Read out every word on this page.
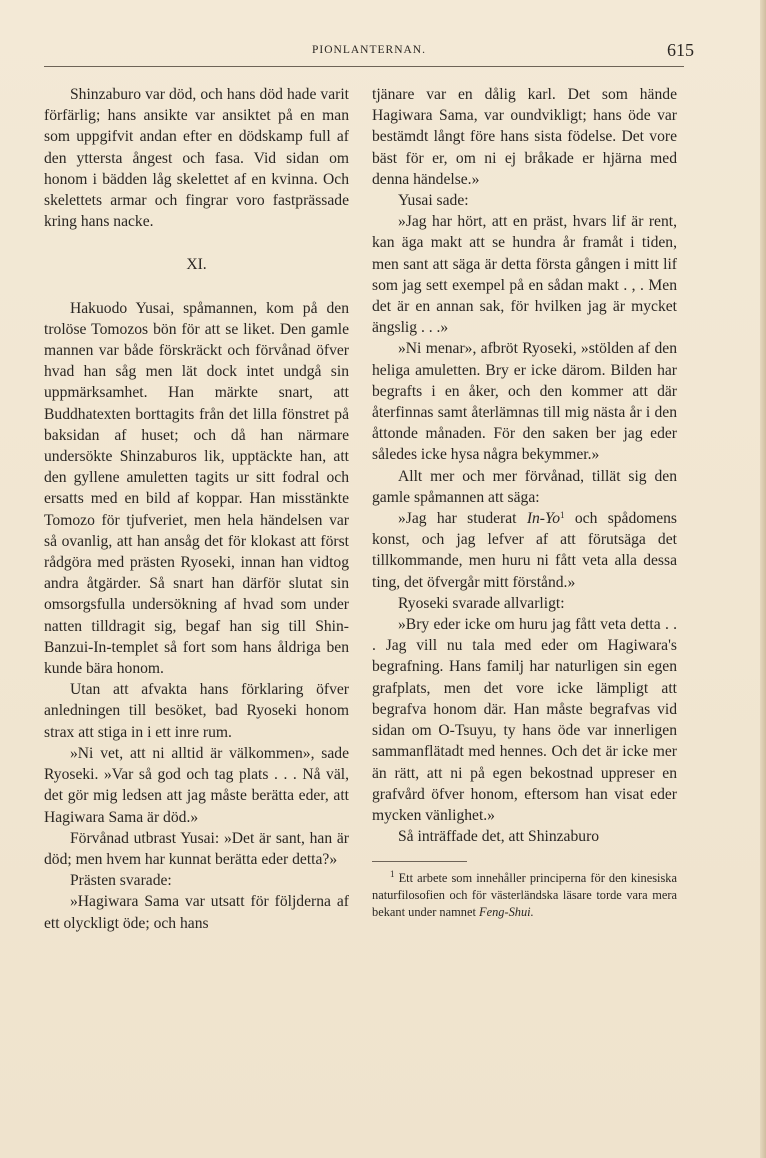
PIONLANTERNAN.	615

Shinzaburo var död, och hans död hade varit förfärlig; hans ansikte var ansiktet på en man som uppgifvit andan efter en dödskamp full af den yttersta ångest och fasa. Vid sidan om honom i bädden låg skelettet af en kvinna. Och skelettets armar och fingrar voro fastprässade kring hans nacke.

XI.

Hakuodo Yusai, spåmannen, kom på den trolöse Tomozos bön för att se liket. Den gamle mannen var både förskräckt och förvånad öfver hvad han såg men lät dock intet undgå sin uppmärksamhet. Han märkte snart, att Buddhatexten borttagits från det lilla fönstret på baksidan af huset; och då han närmare undersökte Shinzaburos lik, upptäckte han, att den gyllene amuletten tagits ur sitt fodral och ersatts med en bild af koppar. Han misstänkte Tomozo för tjufveriet, men hela händelsen var så ovanlig, att han ansåg det för klokast att först rådgöra med prästen Ryoseki, innan han vidtog andra åtgärder. Så snart han därför slutat sin omsorgsfulla undersökning af hvad som under natten tilldragit sig, begaf han sig till Shin-Banzui-In-templet så fort som hans åldriga ben kunde bära honom.

Utan att afvakta hans förklaring öfver anledningen till besöket, bad Ryoseki honom strax att stiga in i ett inre rum.

»Ni vet, att ni alltid är välkommen», sade Ryoseki. »Var så god och tag plats . . . Nå väl, det gör mig ledsen att jag måste berätta eder, att Hagiwara Sama är död.»

Förvånad utbrast Yusai: »Det är sant, han är död; men hvem har kunnat berätta eder detta?»

Prästen svarade:

»Hagiwara Sama var utsatt för följderna af ett olyckligt öde; och hans

tjänare var en dålig karl. Det som hände Hagiwara Sama, var oundvikligt; hans öde var bestämdt långt före hans sista födelse. Det vore bäst för er, om ni ej bråkade er hjärna med denna händelse.»

Yusai sade:

»Jag har hört, att en präst, hvars lif är rent, kan äga makt att se hundra år framåt i tiden, men sant att säga är detta första gången i mitt lif som jag sett exempel på en sådan makt . , . Men det är en annan sak, för hvilken jag är mycket ängslig . . .»

»Ni menar», afbröt Ryoseki, »stölden af den heliga amuletten. Bry er icke därom. Bilden har begrafts i en åker, och den kommer att där återfinnas samt återlämnas till mig nästa år i den åttonde månaden. För den saken ber jag eder således icke hysa några bekymmer.»

Allt mer och mer förvånad, tillät sig den gamle spåmannen att säga:

»Jag har studerat In-Yo$^1$ och spådomens konst, och jag lefver af att förutsäga det tillkommande, men huru ni fått veta alla dessa ting, det öfvergår mitt förstånd.»

Ryoseki svarade allvarligt:

»Bry eder icke om huru jag fått veta detta . . . Jag vill nu tala med eder om Hagiwara's begrafning. Hans familj har naturligen sin egen grafplats, men det vore icke lämpligt att begrafva honom där. Han måste begrafvas vid sidan om O-Tsuyu, ty hans öde var innerligen sammanflätadt med hennes. Och det är icke mer än rätt, att ni på egen bekostnad uppreser en grafvård öfver honom, eftersom han visat eder mycken vänlighet.»

Så inträffade det, att Shinzaburo

$^1$ Ett arbete som innehåller principerna för den kinesiska naturfilosofien och för västerländska läsare torde vara mera bekant under namnet Feng-Shui.
